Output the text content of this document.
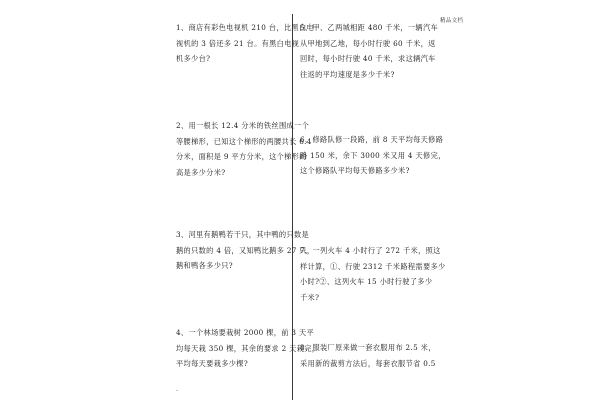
精品文档
1、商店有彩色电视机 210 台，比黑白电
视机的 3 倍还多 21 台。有黑白电视
机多少台?
2、用一根长 12.4 分米的铁丝围成一个
等腰梯形，已知这个梯形的两腰共长 6.4
分米，面积是 9 平方分米，这个梯形的
高是多少分米?
3、河里有鹅鸭若干只，其中鸭的只数是
鹅的只数的 4 倍，又知鸭比鹅多 27 只，
鹅和鸭各多少只?
4、一个林场要栽树 2000 棵，前 3 天平
均每天栽 350 棵，其余的要求 2 天栽完，
平均每天要栽多少棵?
5、甲、乙两城相距 480 千米，一辆汽车
从甲地到乙地，每小时行驶 60 千米，返
回时，每小时行驶 40 千米，求这辆汽车
往返的平均速度是多少千米?
6、修路队修一段路，前 8 天平均每天修路
路 150 米，余下 3000 米又用 4 天修完，
这个修路队平均每天修路多少米?
7、一列火车 4 小时行了 272 千米，照这
样计算，①、行驶 2312 千米路程需要多少
小时?②、这列火车 15 小时行驶了多少
千米?
8、服装厂原来做一套衣服用布 2.5 米，
采用新的裁剪方法后，每套衣服节省 0.5
.
